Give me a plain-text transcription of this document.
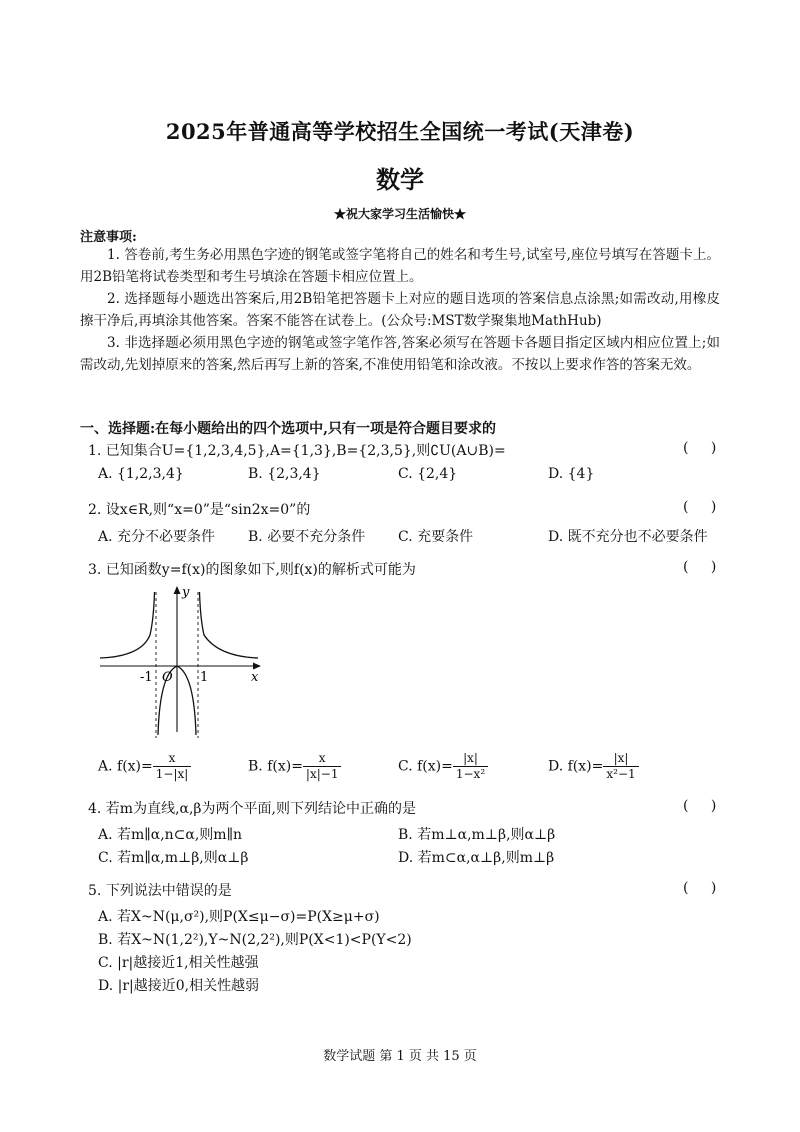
2025年普通高等学校招生全国统一考试(天津卷)
数学
★祝大家学习生活愉快★
注意事项:
1. 答卷前,考生务必用黑色字迹的钢笔或签字笔将自己的姓名和考生号,试室号,座位号填写在答题卡上。用2B铅笔将试卷类型和考生号填涂在答题卡相应位置上。
2. 选择题每小题选出答案后,用2B铅笔把答题卡上对应的题目选项的答案信息点涂黑;如需改动,用橡皮擦干净后,再填涂其他答案。答案不能答在试卷上。(公众号:MST数学聚集地MathHub)
3. 非选择题必须用黑色字迹的钢笔或签字笔作答,答案必须写在答题卡各题目指定区域内相应位置上;如需改动,先划掉原来的答案,然后再写上新的答案,不准使用铅笔和涂改液。不按以上要求作答的答案无效。
一、选择题:在每小题给出的四个选项中,只有一项是符合题目要求的
1. 已知集合U={1,2,3,4,5},A={1,3},B={2,3,5},则∁U(A∪B)=	( )
A. {1,2,3,4}	B. {2,3,4}	C. {2,4}	D. {4}
2. 设x∈R,则“x=0”是“sin2x=0”的	( )
A. 充分不必要条件 B. 必要不充分条件 C. 充要条件	D. 既不充分也不必要条件
3. 已知函数y=f(x)的图象如下,则f(x)的解析式可能为	( )
y
x
O
-1	1
A. $f(x)= \frac{x}{1-|x|}$	B. $f(x)= \frac{x}{|x|-1}$	C. $f(x)= \frac{|x|}{\text{1−x²}}$	D. $f(x)= \frac{|x|}{\text{x²−1}}$
4. 若m为直线,α,β为两个平面,则下列结论中正确的是	( )
A. 若m∥α,n⊂α,则m∥n	B. 若m⊥α,m⊥β,则α⊥β
C. 若m∥α,m⊥β,则α⊥β	D. 若m⊂α,α⊥β,则m⊥β
5. 下列说法中错误的是	( )
A. 若X~N(μ,σ²),则P(X≤μ−σ)=P(X≥μ+σ)
B. 若X~N(1,2²),Y~N(2,2²),则P(X<1)<P(Y<2)
C. |r|越接近1,相关性越强
D. |r|越接近0,相关性越弱
数学试题 第 1 页 共 15 页
